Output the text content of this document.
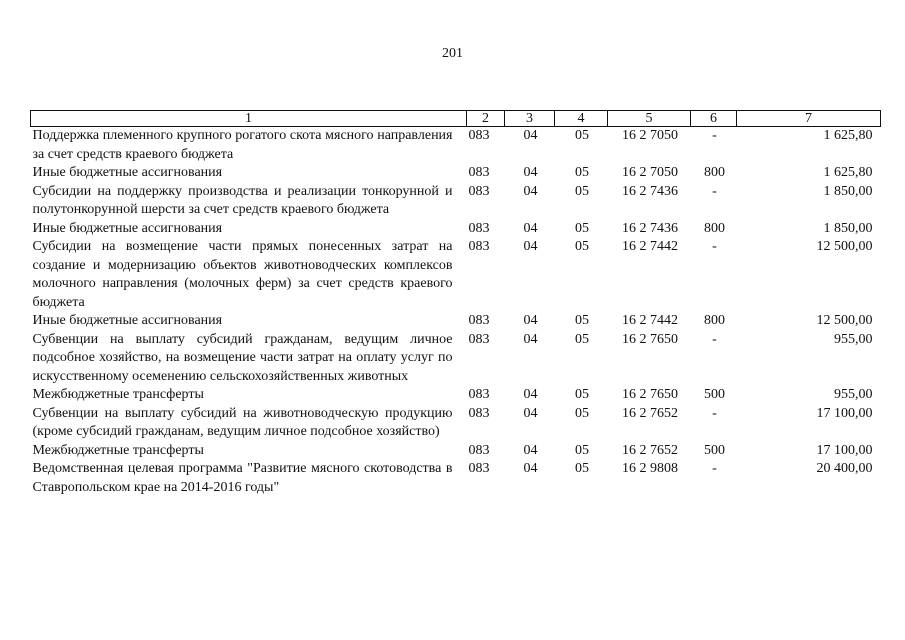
201
1	2	3	4	5	6	7
Поддержка племенного крупного рогатого скота мясного направления за счет средств краевого бюджета	083	04	05	16 2 7050	-	1 625,80
Иные бюджетные ассигнования	083	04	05	16 2 7050	800	1 625,80
Субсидии на поддержку производства и реализации тонкорунной и полутонкорунной шерсти за счет средств краевого бюджета	083	04	05	16 2 7436	-	1 850,00
Иные бюджетные ассигнования	083	04	05	16 2 7436	800	1 850,00
Субсидии на возмещение части прямых понесенных затрат на создание и модернизацию объектов животноводческих комплексов молочного направления (молочных ферм) за счет средств краевого бюджета	083	04	05	16 2 7442	-	12 500,00
Иные бюджетные ассигнования	083	04	05	16 2 7442	800	12 500,00
Субвенции на выплату субсидий гражданам, ведущим личное подсобное хозяйство, на возмещение части затрат на оплату услуг по искусственному осеменению сельскохозяйственных животных	083	04	05	16 2 7650	-	955,00
Межбюджетные трансферты	083	04	05	16 2 7650	500	955,00
Субвенции на выплату субсидий на животноводческую продукцию (кроме субсидий гражданам, ведущим личное подсобное хозяйство)	083	04	05	16 2 7652	-	17 100,00
Межбюджетные трансферты	083	04	05	16 2 7652	500	17 100,00
Ведомственная целевая программа "Развитие мясного скотоводства в Ставропольском крае на 2014-2016 годы"	083	04	05	16 2 9808	-	20 400,00
